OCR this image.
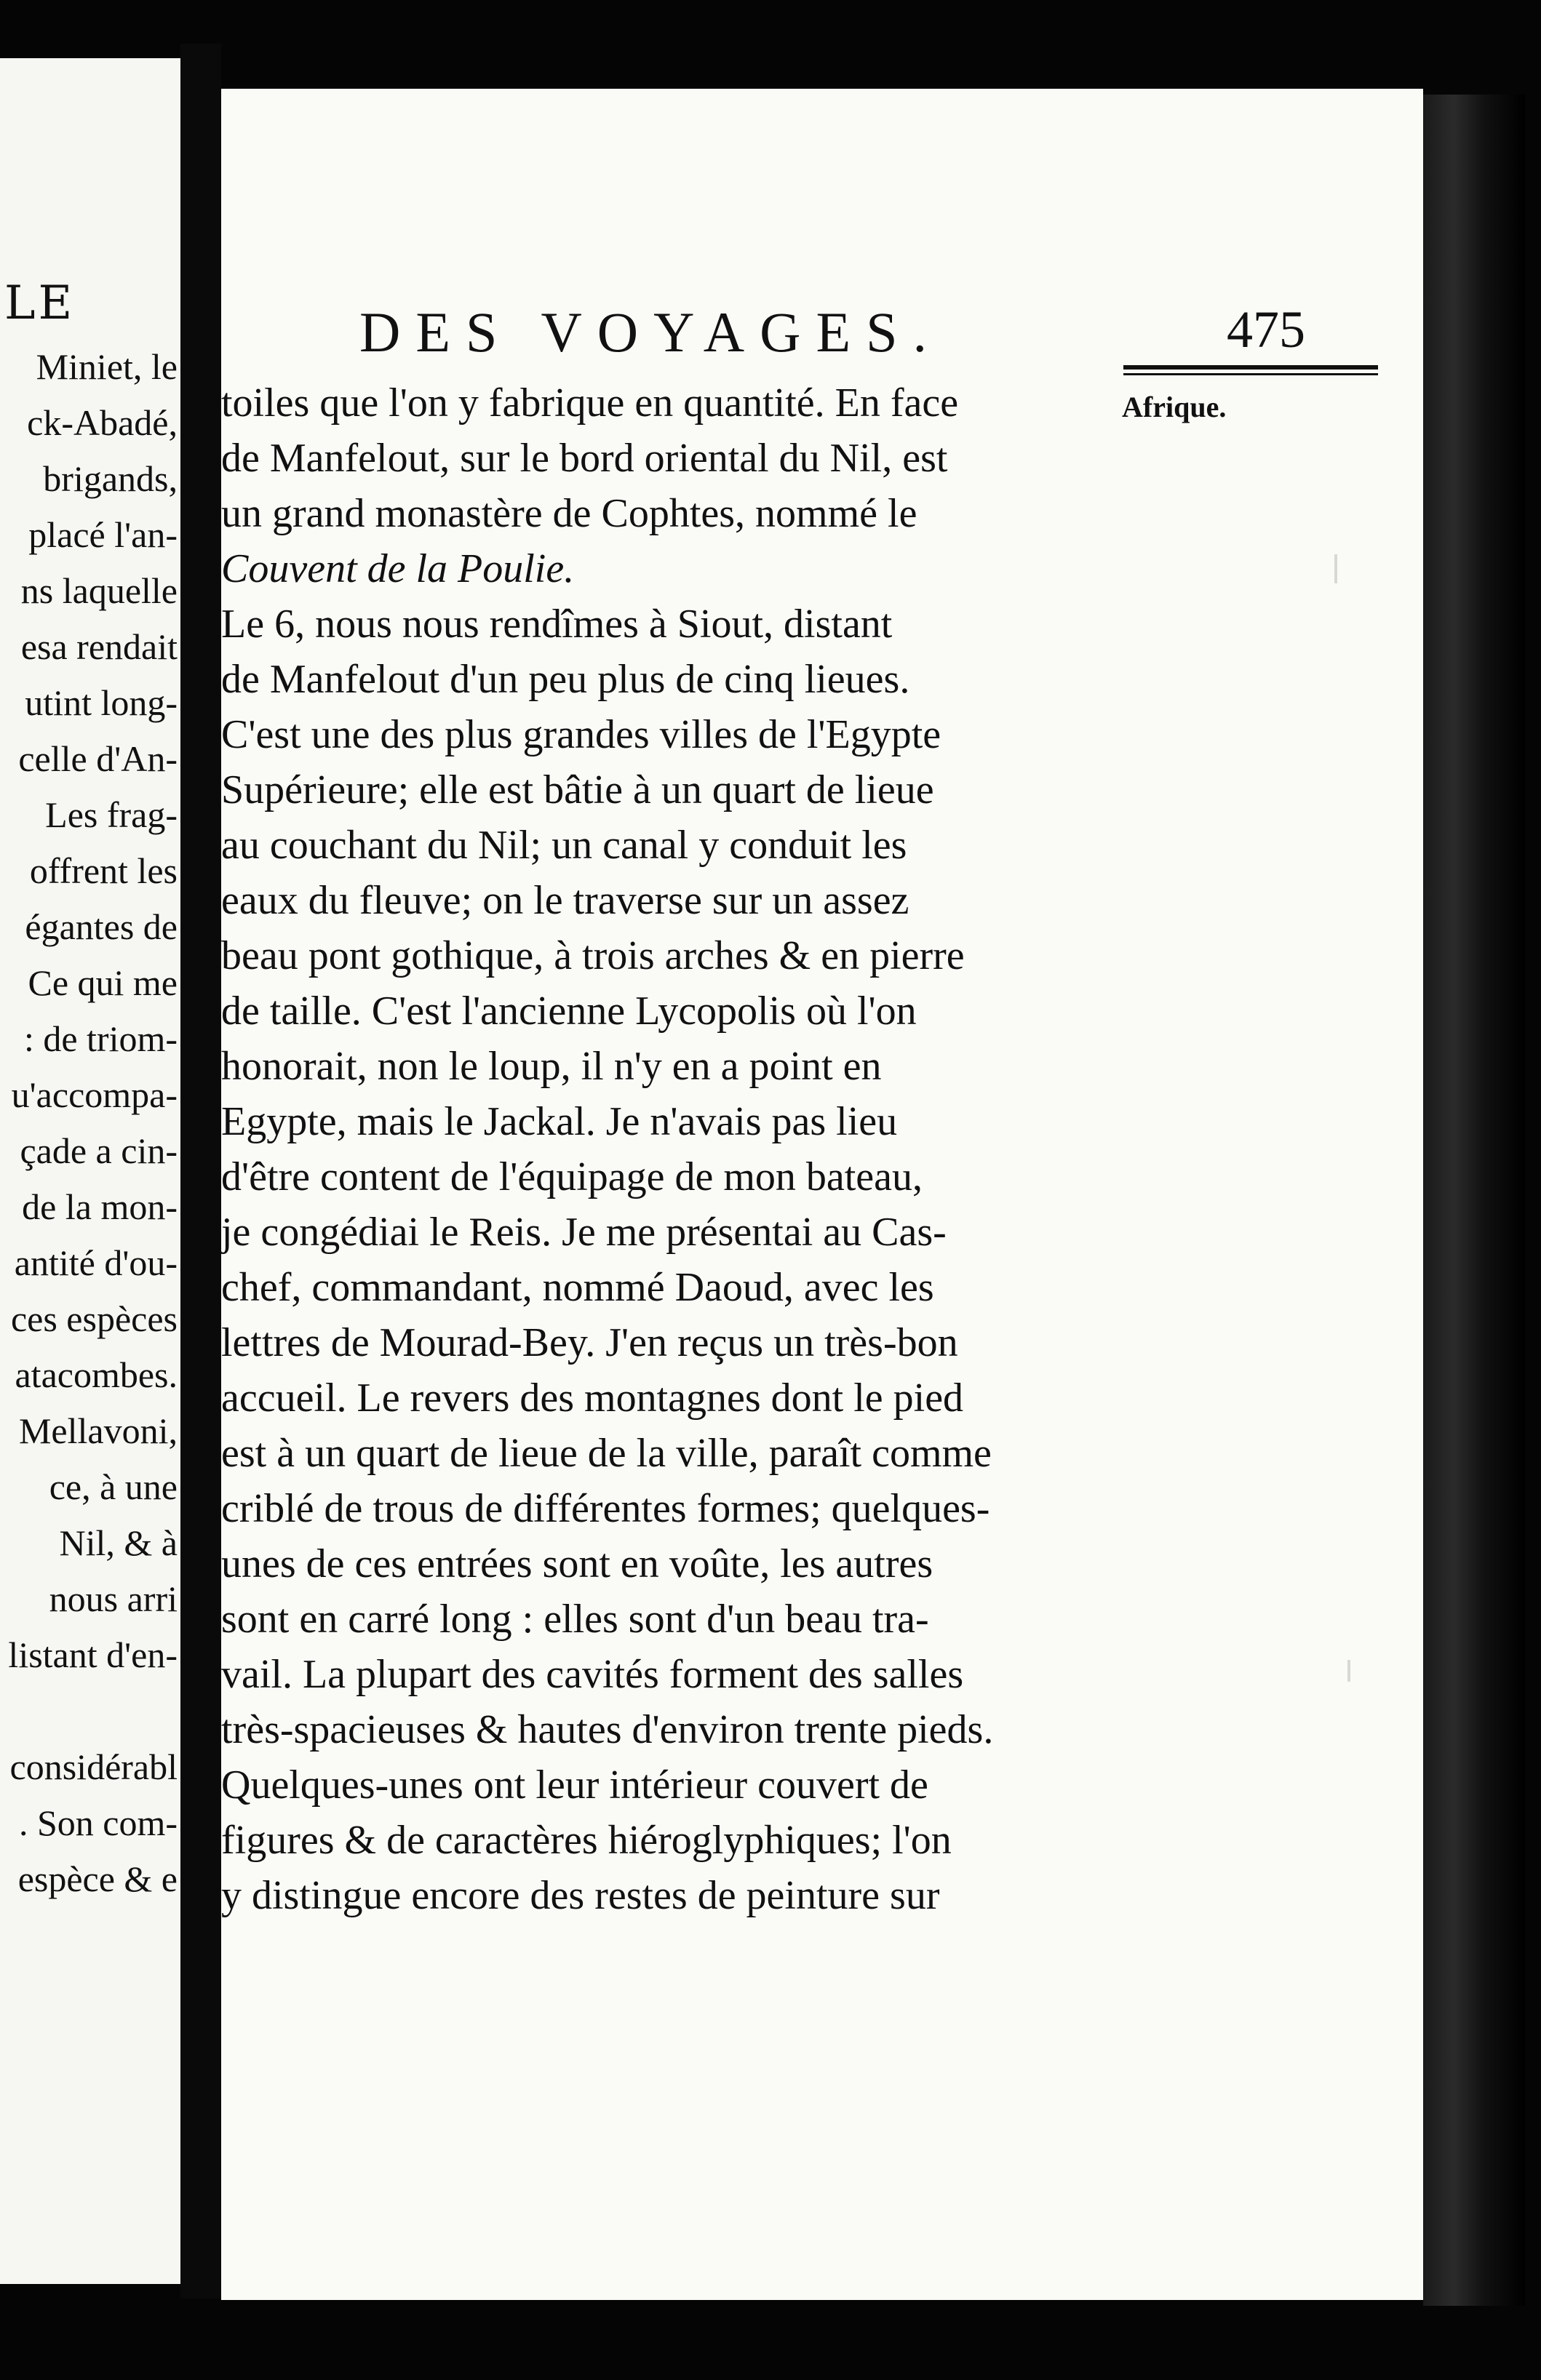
LE
Miniet, le
ck-Abadé,
brigands,
placé l'an-
ns laquelle
esa rendait
utint long-
celle d'An-
Les frag-
offrent les
égantes de
Ce qui me
: de triom-
u'accompa-
çade a cin-
de la mon-
antité d'ou-
ces espèces
atacombes.
Mellavoni,
ce, à une
Nil, & à
nous arri
listant d'en-
considérabl
. Son com-
espèce & e
DES VOYAGES.	475
Afrique.
toiles que l'on y fabrique en quantité. En face
de Manfelout, sur le bord oriental du Nil, est
un grand monastère de Cophtes, nommé le
Couvent de la Poulie.
Le 6, nous nous rendîmes à Siout, distant
de Manfelout d'un peu plus de cinq lieues.
C'est une des plus grandes villes de l'Egypte
Supérieure; elle est bâtie à un quart de lieue
au couchant du Nil; un canal y conduit les
eaux du fleuve; on le traverse sur un assez
beau pont gothique, à trois arches & en pierre
de taille. C'est l'ancienne Lycopolis où l'on
honorait, non le loup, il n'y en a point en
Egypte, mais le Jackal. Je n'avais pas lieu
d'être content de l'équipage de mon bateau,
je congédiai le Reis. Je me présentai au Cas-
chef, commandant, nommé Daoud, avec les
lettres de Mourad-Bey. J'en reçus un très-bon
accueil. Le revers des montagnes dont le pied
est à un quart de lieue de la ville, paraît comme
criblé de trous de différentes formes; quelques-
unes de ces entrées sont en voûte, les autres
sont en carré long : elles sont d'un beau tra-
vail. La plupart des cavités forment des salles
très-spacieuses & hautes d'environ trente pieds.
Quelques-unes ont leur intérieur couvert de
figures & de caractères hiéroglyphiques; l'on
y distingue encore des restes de peinture sur
